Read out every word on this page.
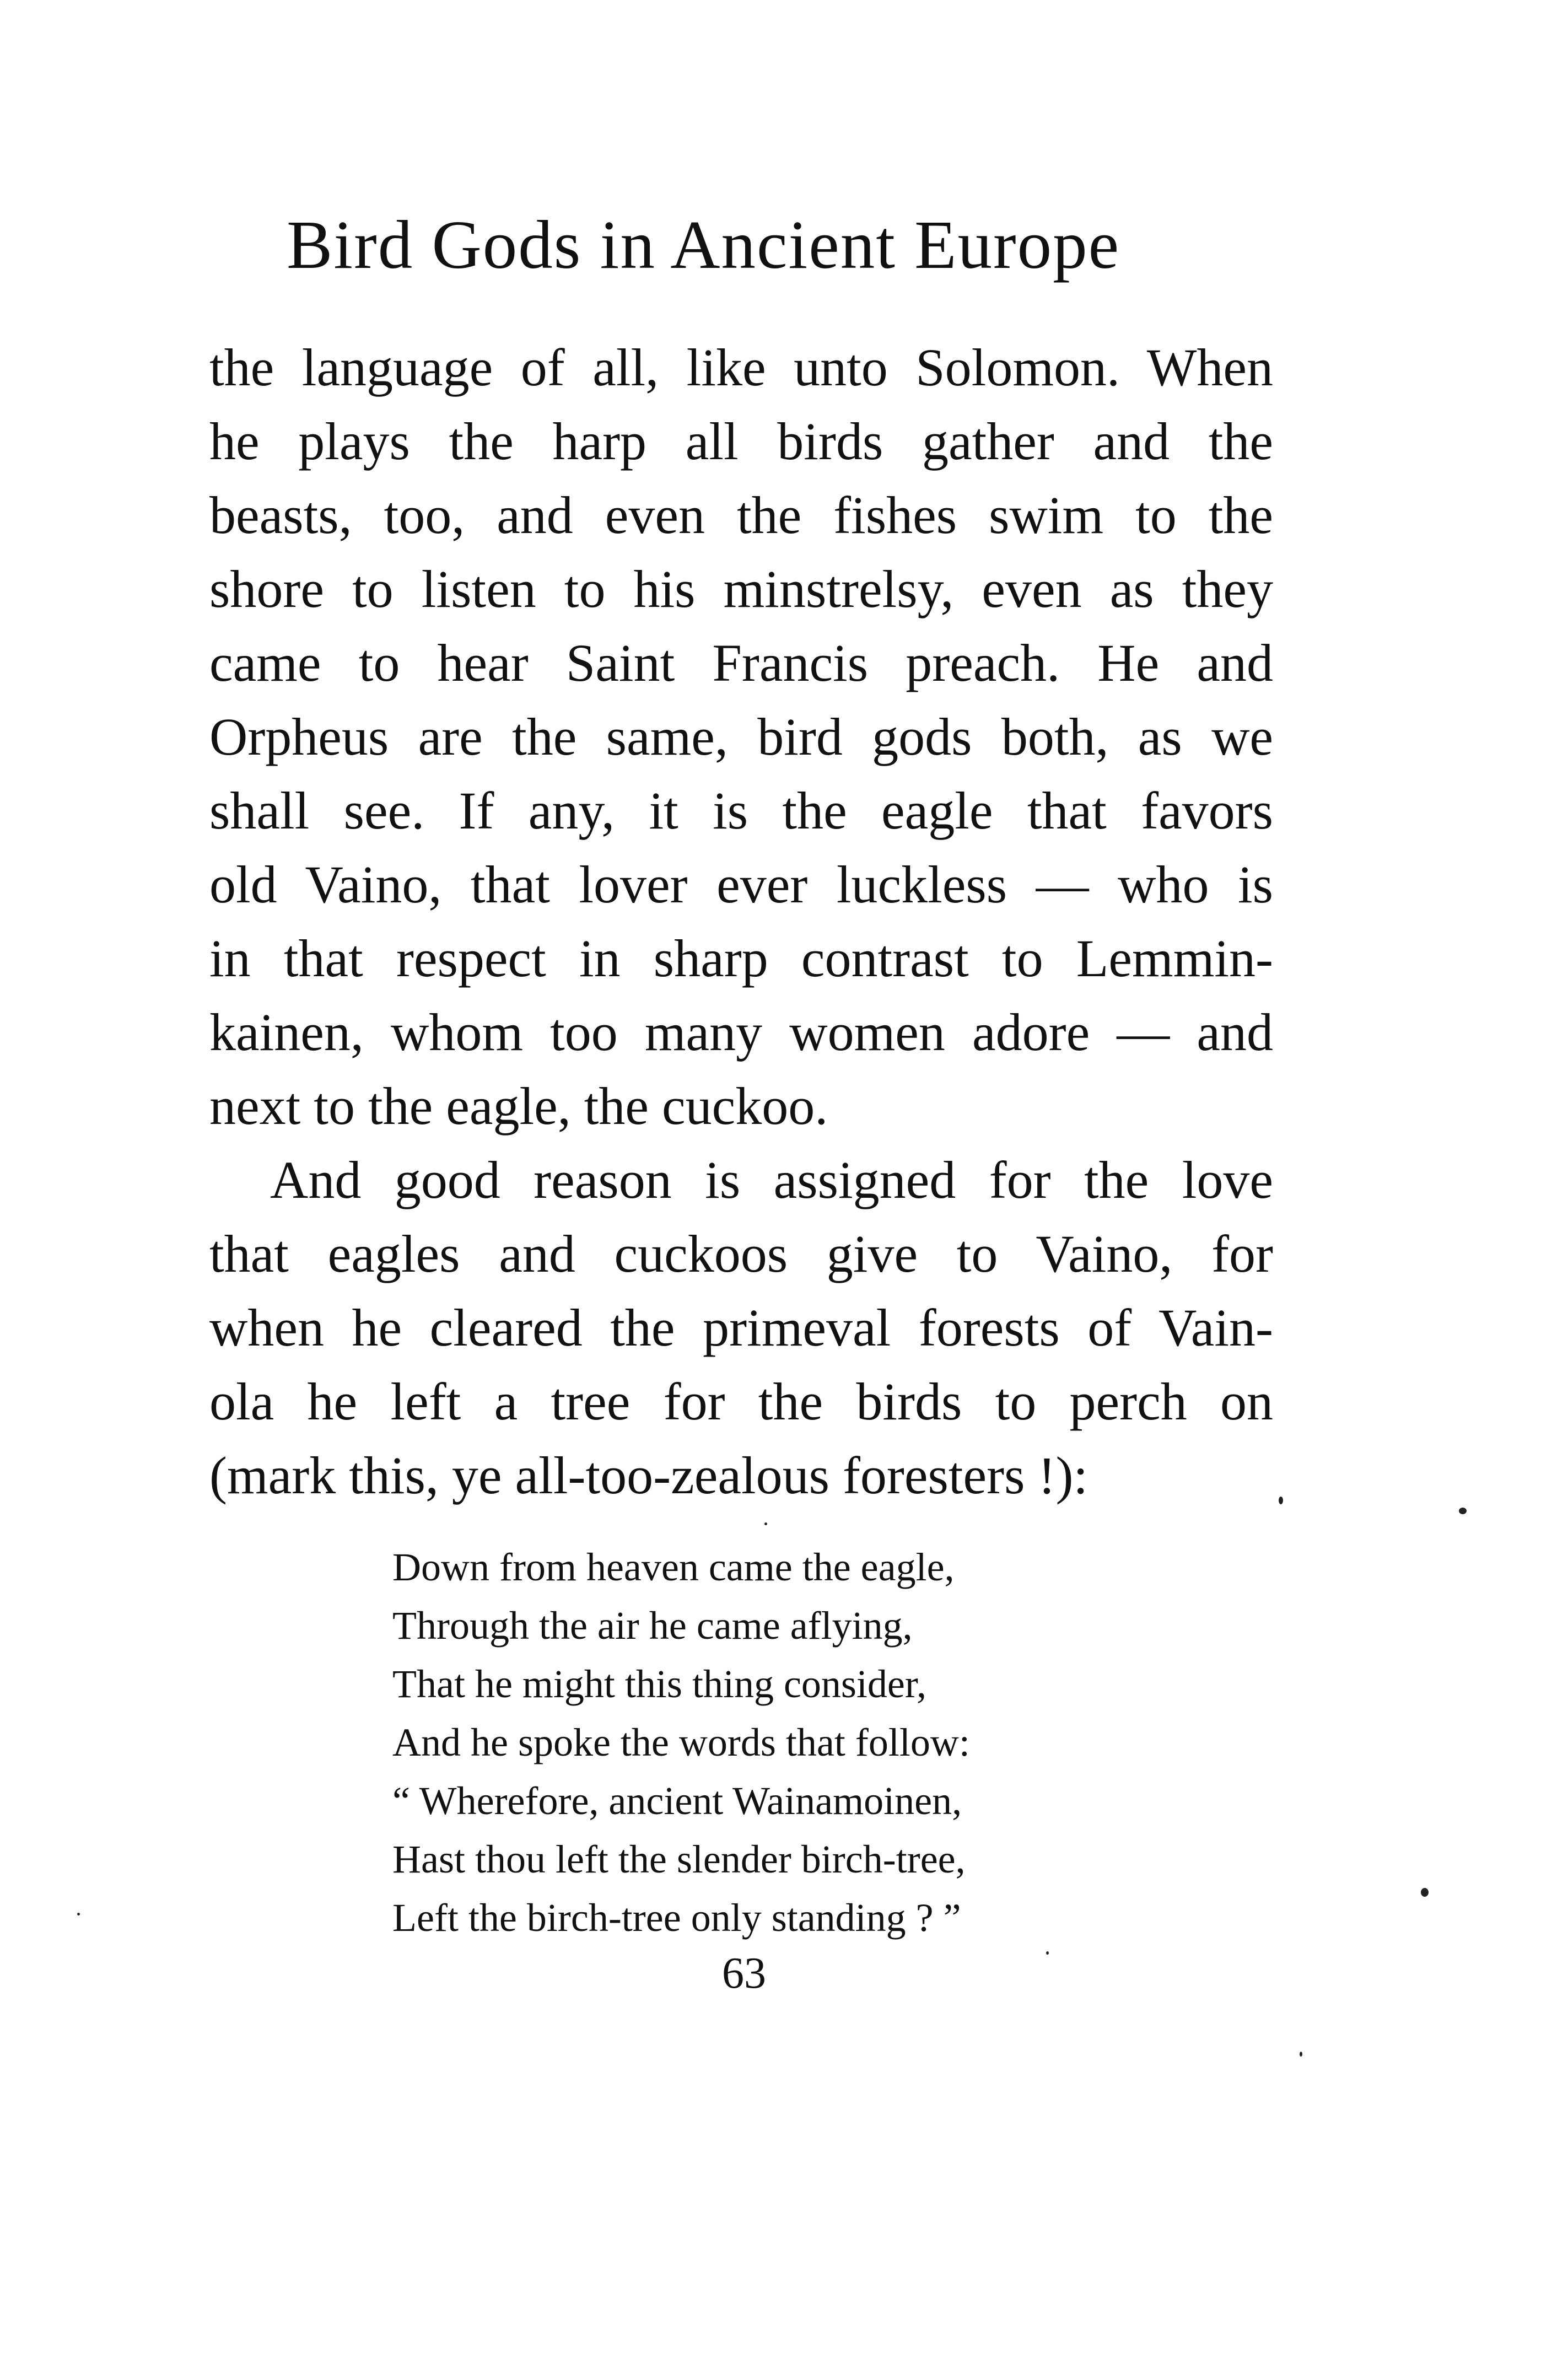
Bird Gods in Ancient Europe
the language of all, like unto Solomon. When
he plays the harp all birds gather and the
beasts, too, and even the fishes swim to the
shore to listen to his minstrelsy, even as they
came to hear Saint Francis preach. He and
Orpheus are the same, bird gods both, as we
shall see. If any, it is the eagle that favors
old Vaino, that lover ever luckless — who is
in that respect in sharp contrast to Lemmin-
kainen, whom too many women adore — and
next to the eagle, the cuckoo.
And good reason is assigned for the love
that eagles and cuckoos give to Vaino, for
when he cleared the primeval forests of Vain-
ola he left a tree for the birds to perch on
(mark this, ye all-too-zealous foresters !):
Down from heaven came the eagle,
Through the air he came aflying,
That he might this thing consider,
And he spoke the words that follow:
“ Wherefore, ancient Wainamoinen,
Hast thou left the slender birch-tree,
Left the birch-tree only standing ? ”
63
